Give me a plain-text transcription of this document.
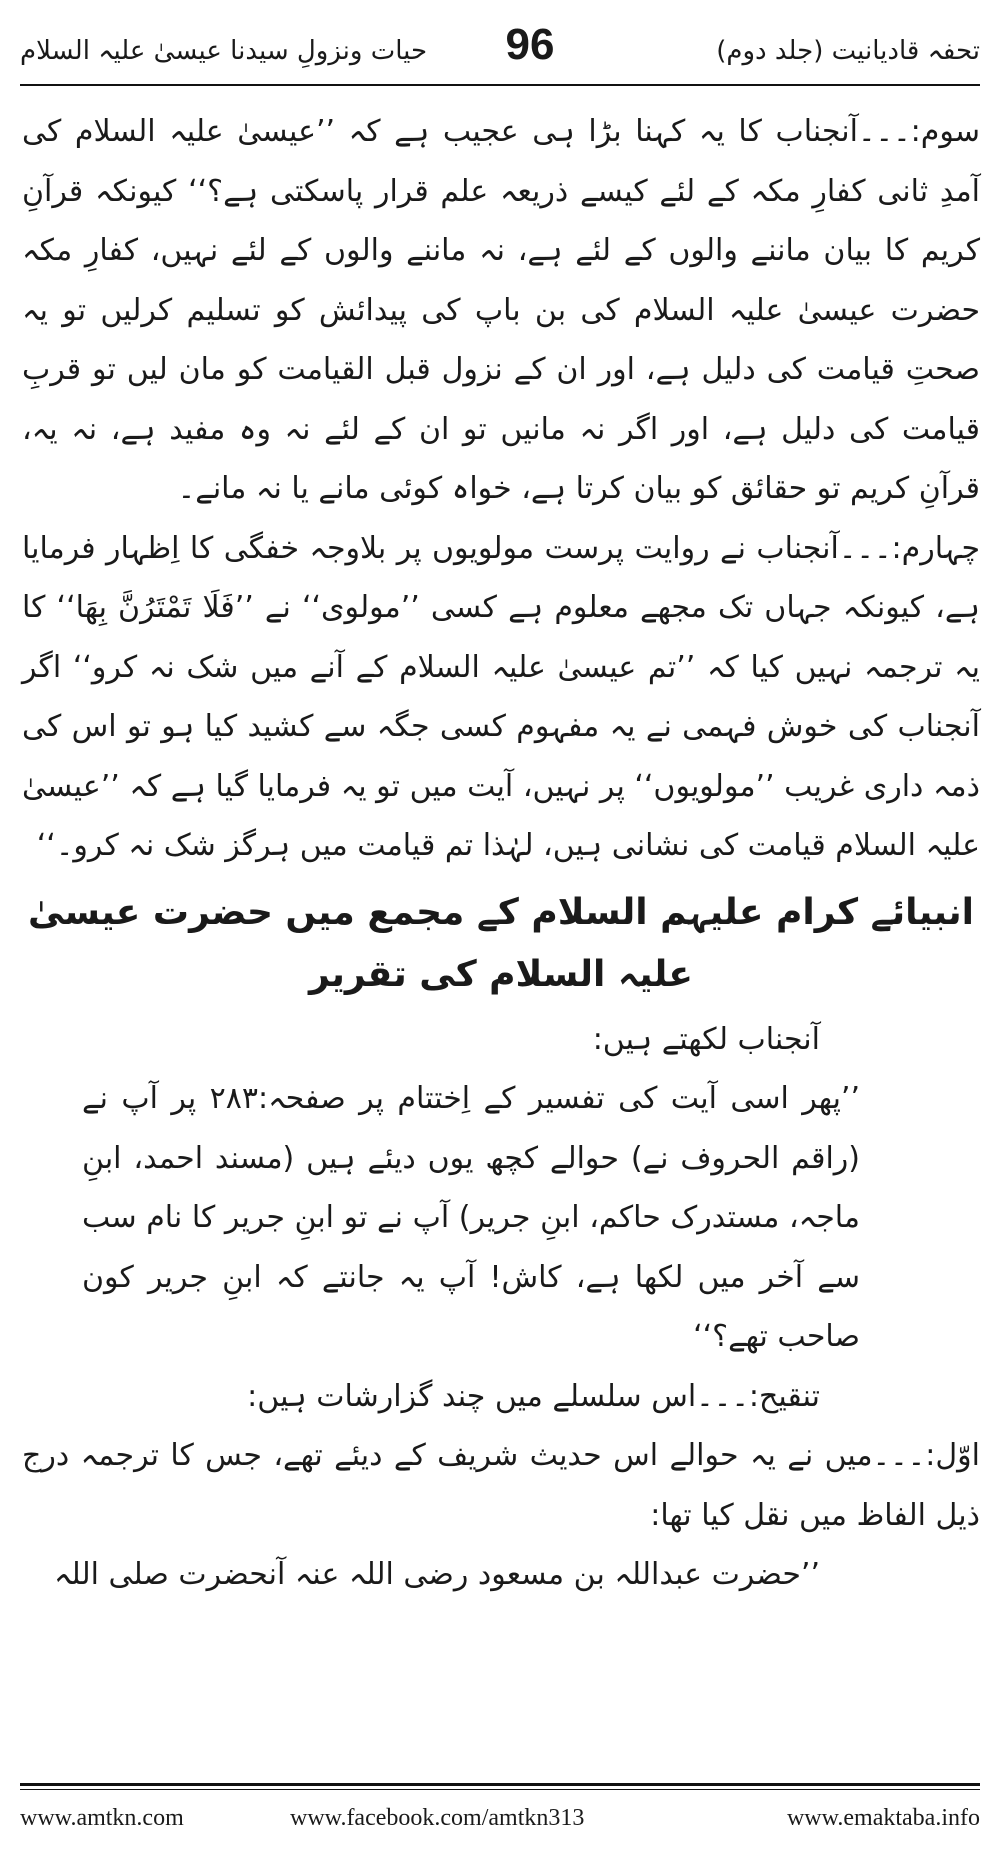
تحفہ قادیانیت (جلد دوم)
96
حیات ونزولِ سیدنا عیسیٰ علیہ السلام

سوم:۔۔۔آنجناب کا یہ کہنا بڑا ہی عجیب ہے کہ ’’عیسیٰ علیہ السلام کی آمدِ ثانی کفارِ مکہ کے لئے کیسے ذریعہ علم قرار پاسکتی ہے؟‘‘ کیونکہ قرآنِ کریم کا بیان ماننے والوں کے لئے ہے، نہ ماننے والوں کے لئے نہیں، کفارِ مکہ حضرت عیسیٰ علیہ السلام کی بن باپ کی پیدائش کو تسلیم کرلیں تو یہ صحتِ قیامت کی دلیل ہے، اور ان کے نزول قبل القیامت کو مان لیں تو قربِ قیامت کی دلیل ہے، اور اگر نہ مانیں تو ان کے لئے نہ وہ مفید ہے، نہ یہ، قرآنِ کریم تو حقائق کو بیان کرتا ہے، خواہ کوئی مانے یا نہ مانے۔

چہارم:۔۔۔آنجناب نے روایت پرست مولویوں پر بلاوجہ خفگی کا اِظہار فرمایا ہے، کیونکہ جہاں تک مجھے معلوم ہے کسی ’’مولوی‘‘ نے ’’فَلَا تَمْتَرُنَّ بِهَا‘‘ کا یہ ترجمہ نہیں کیا کہ ’’تم عیسیٰ علیہ السلام کے آنے میں شک نہ کرو‘‘ اگر آنجناب کی خوش فہمی نے یہ مفہوم کسی جگہ سے کشید کیا ہو تو اس کی ذمہ داری غریب ’’مولویوں‘‘ پر نہیں، آیت میں تو یہ فرمایا گیا ہے کہ ’’عیسیٰ علیہ السلام قیامت کی نشانی ہیں، لہٰذا تم قیامت میں ہرگز شک نہ کرو۔‘‘

انبیائے کرام علیہم السلام کے مجمع میں حضرت عیسیٰ علیہ السلام کی تقریر

آنجناب لکھتے ہیں:

’’پھر اسی آیت کی تفسیر کے اِختتام پر صفحہ:۲۸۳ پر آپ نے (راقم الحروف نے) حوالے کچھ یوں دیئے ہیں (مسند احمد، ابنِ ماجہ، مستدرک حاکم، ابنِ جریر) آپ نے تو ابنِ جریر کا نام سب سے آخر میں لکھا ہے، کاش! آپ یہ جانتے کہ ابنِ جریر کون صاحب تھے؟‘‘

تنقیح:۔۔۔اس سلسلے میں چند گزارشات ہیں:

اوّل:۔۔۔میں نے یہ حوالے اس حدیث شریف کے دیئے تھے، جس کا ترجمہ درج ذیل الفاظ میں نقل کیا تھا:

’’حضرت عبداللہ بن مسعود رضی اللہ عنہ آنحضرت صلی اللہ

www.amtkn.com	www.facebook.com/amtkn313	www.emaktaba.info
